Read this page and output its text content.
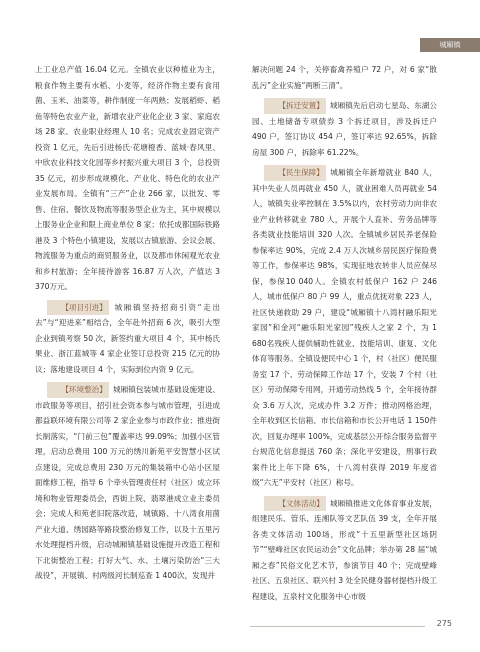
城厢镇

上工业总产值 16.04 亿元。全镇农业以种植业为主，粮食作物主要有水稻、小麦等，经济作物主要有食用菌、玉米、油菜等，耕作制度一年两熟；发展稻虾、稻鱼等特色农业产业，新增农业产业化企业 3 家、家庭农场 28 家、农业职业经理人 10 名；完成农业固定资产投资 1 亿元，先后引进杨氏·花塘橙香、蓝城·春风里、中欣农业科技文化园等乡村振兴重大项目 3 个，总投资 35 亿元，初步形成规模化、产业化、特色化的农业产业发展布局。全镇有“三产”企业 266 家，以批发、零售、住宿、餐饮及物流等服务型企业为主，其中规模以上服务业企业和限上商业单位 8 家；依托成都国际铁路港及 3 个特色小镇建设，发展以古镇旅游、会议会展、物流服务为重点的商贸服务业，以及都市休闲观光农业和乡村旅游；全年接待游客 16.87 万人次，产值达 3 370万元。

【项目引进】 城厢镇坚持招商引资“走出去”与“迎进来”相结合，全年赴外招商 6 次，吸引大型企业到镇考察 50 次，新签约重大项目 4 个，其中杨氏果业、浙江蓝城等 4 家企业签订总投资 215 亿元的协议；落地建设项目 4 个，实际到位内资 9 亿元。

【环境整治】 城厢镇包装城市基础设施建设、市政服务等项目，招引社会资本参与城市管理，引进成都益联环境有限公司等 2 家企业参与市政作业；推进街长制落实，“门前三包”覆盖率达 99.09%；加强小区管理，启动总费用 100 万元的绣川新苑平安智慧小区试点建设，完成总费用 230 万元的集装箱中心站小区屋面维修工程，指导 6 个牵头管理责任村（社区）成立环境和物业管理委员会，西街上院、翡翠港成立业主委员会；完成人和苑老旧院落改造，城镇路、十八湾食用菌产业大道、绣园路等路段整治修复工作，以及十五里污水处理提档升级，启动城厢镇基础设施提升改造工程和下北街整治工程；打好大气、水、土壤污染防治“三大战役”，开展镇、村两级河长制巡查 1 400次，发现并

解决问题 24 个，关停畜禽养殖户 72 户，对 6 家“散乱污”企业实施“两断三清”。

【拆迁安置】 城厢镇先后启动七星岛、东湖公园、土地储备专项债券 3 个拆迁项目，涉及拆迁户 490 户，签订协议 454 户，签订率达 92.65%，拆除房屋 300 户，拆除率 61.22%。

【民生保障】 城厢镇全年新增就业 840 人，其中失业人员再就业 450 人，就业困难人员再就业 54 人，城镇失业率控制在 3.5%以内，农村劳动力向非农业产业转移就业 780 人，开展个人直补、劳务品牌等各类就业技能培训 320 人次。全镇城乡居民养老保险参保率达 90%，完成 2.4 万人次城乡居民医疗保险费等工作，参保率达 98%，实现征地农转非人员应保尽保，参保10 040人。全镇农村低保户 162 户 246 人，城市低保户 80 户 99 人，重点优抚对象 223 人，社区快递救助 29 户，建设“城厢镇十八湾村融乐阳光家园”和金河“融乐阳光家园”残疾人之家 2 个，为 1 680名残疾人提供辅助性就业、技能培训、康复、文化体育等服务。全镇设便民中心 1 个，村（社区）便民服务室 17 个、劳动保障工作站 17 个，安装 7 个村（社区）劳动保障专用网，开通劳动热线 5 个，全年接待群众 3.6 万人次，完成办件 3.2 万件；推动网格治理，全年收到区长信箱、市长信箱和市长公开电话 1 150件次，回复办理率 100%，完成基层公开综合服务监督平台规范化信息提送 760 条；深化平安建设，刑事行政案件比上年下降 6%，十八湾村获得 2019 年度省级“六无”平安村（社区）称号。

【文体活动】 城厢镇推进文化体育事业发展，组建民乐、管乐、连湘队等文艺队伍 39 支，全年开展各类文体活动 100场，形成“十五里新型社区场阴节”“壁峰社区农民运动会”文化品牌；举办第 28 届“城厢之春”民俗文化艺术节，参演节目 40 个；完成壁峰社区、五泉社区、联兴村 3 处全民健身器材提档升级工程建设，五泉村文化服务中心市级

275
